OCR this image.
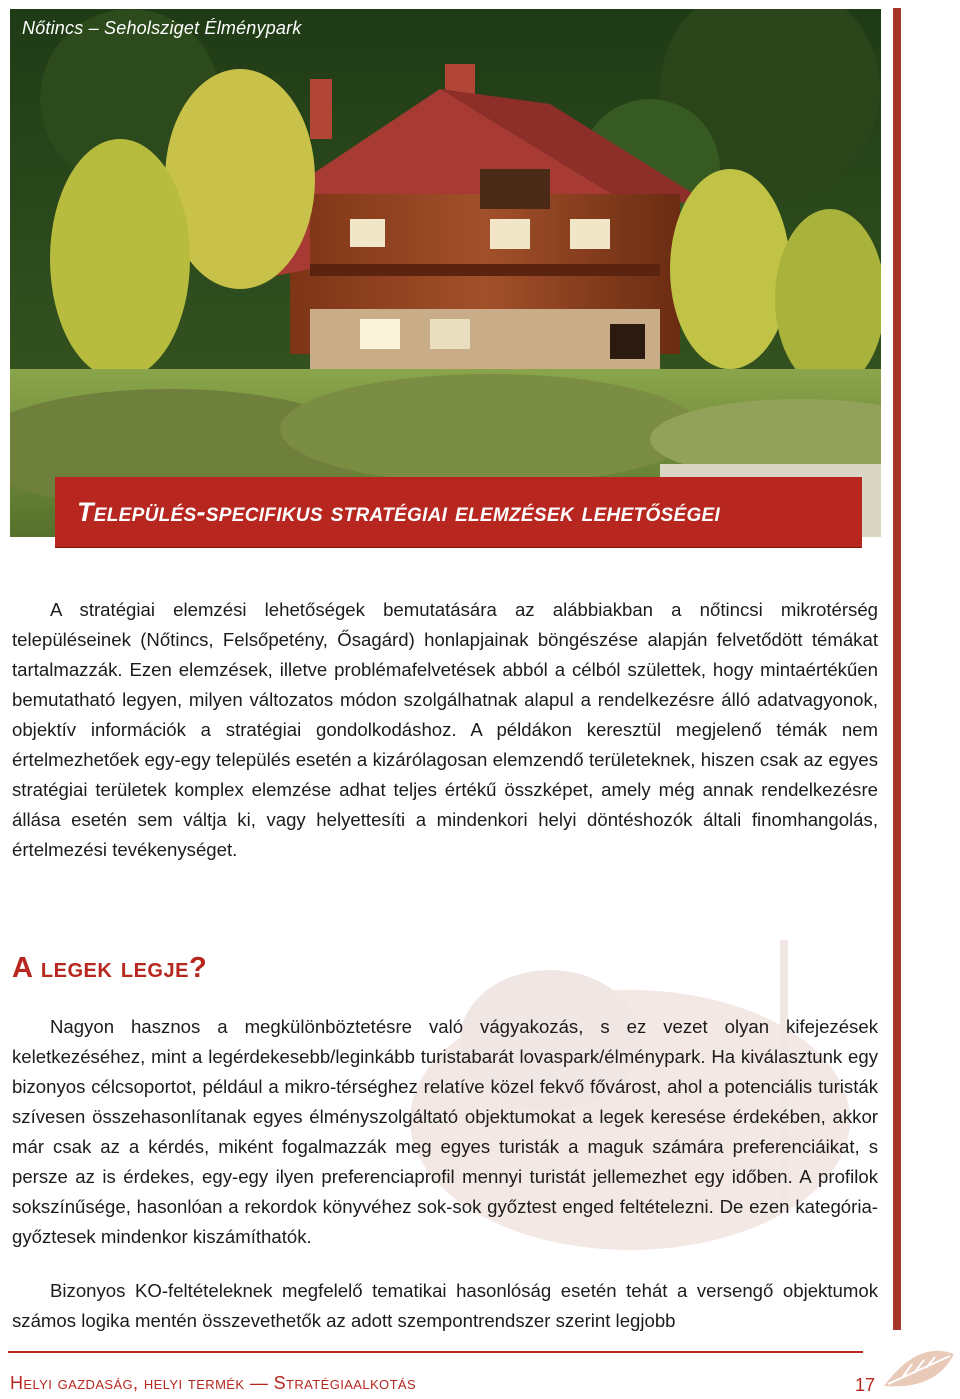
Nőtincs – Seholsziget Élménypark
Település-specifikus stratégiai elemzések lehetőségei

A stratégiai elemzési lehetőségek bemutatására az alábbiakban a nőtincsi mikrotérség településeinek (Nőtincs, Felsőpetény, Ősagárd) honlapjainak böngészése alapján felvetődött témákat tartalmazzák. Ezen elemzések, illetve problémafelvetések abból a célból születtek, hogy mintaértékűen bemutatható legyen, milyen változatos módon szolgálhatnak alapul a rendelkezésre álló adatvagyonok, objektív információk a stratégiai gondolkodáshoz. A példákon keresztül megjelenő témák nem értelmezhetőek egy-egy település esetén a kizárólagosan elemzendő területeknek, hiszen csak az egyes stratégiai területek komplex elemzése adhat teljes értékű összképet, amely még annak rendelkezésre állása esetén sem váltja ki, vagy helyettesíti a mindenkori helyi döntéshozók általi finomhangolás, értelmezési tevékenységet.

A legek legje?

Nagyon hasznos a megkülönböztetésre való vágyakozás, s ez vezet olyan kifejezések keletkezéséhez, mint a legérdekesebb/leginkább turistabarát lovaspark/élménypark. Ha kiválasztunk egy bizonyos célcsoportot, például a mikro-térséghez relatíve közel fekvő fővárost, ahol a potenciális turisták szívesen összehasonlítanak egyes élményszolgáltató objektumokat a legek keresése érdekében, akkor már csak az a kérdés, miként fogalmazzák meg egyes turisták a maguk számára preferenciáikat, s persze az is érdekes, egy-egy ilyen preferenciaprofil mennyi turistát jellemezhet egy időben. A profilok sokszínűsége, hasonlóan a rekordok könyvéhez sok-sok győztest enged feltételezni. De ezen kategória-győztesek mindenkor kiszámíthatók.

Bizonyos KO-feltételeknek megfelelő tematikai hasonlóság esetén tehát a versengő objektumok számos logika mentén összevethetők az adott szempontrendszer szerint legjobb

Helyi gazdaság, helyi termék — Stratégiaalkotás	17
